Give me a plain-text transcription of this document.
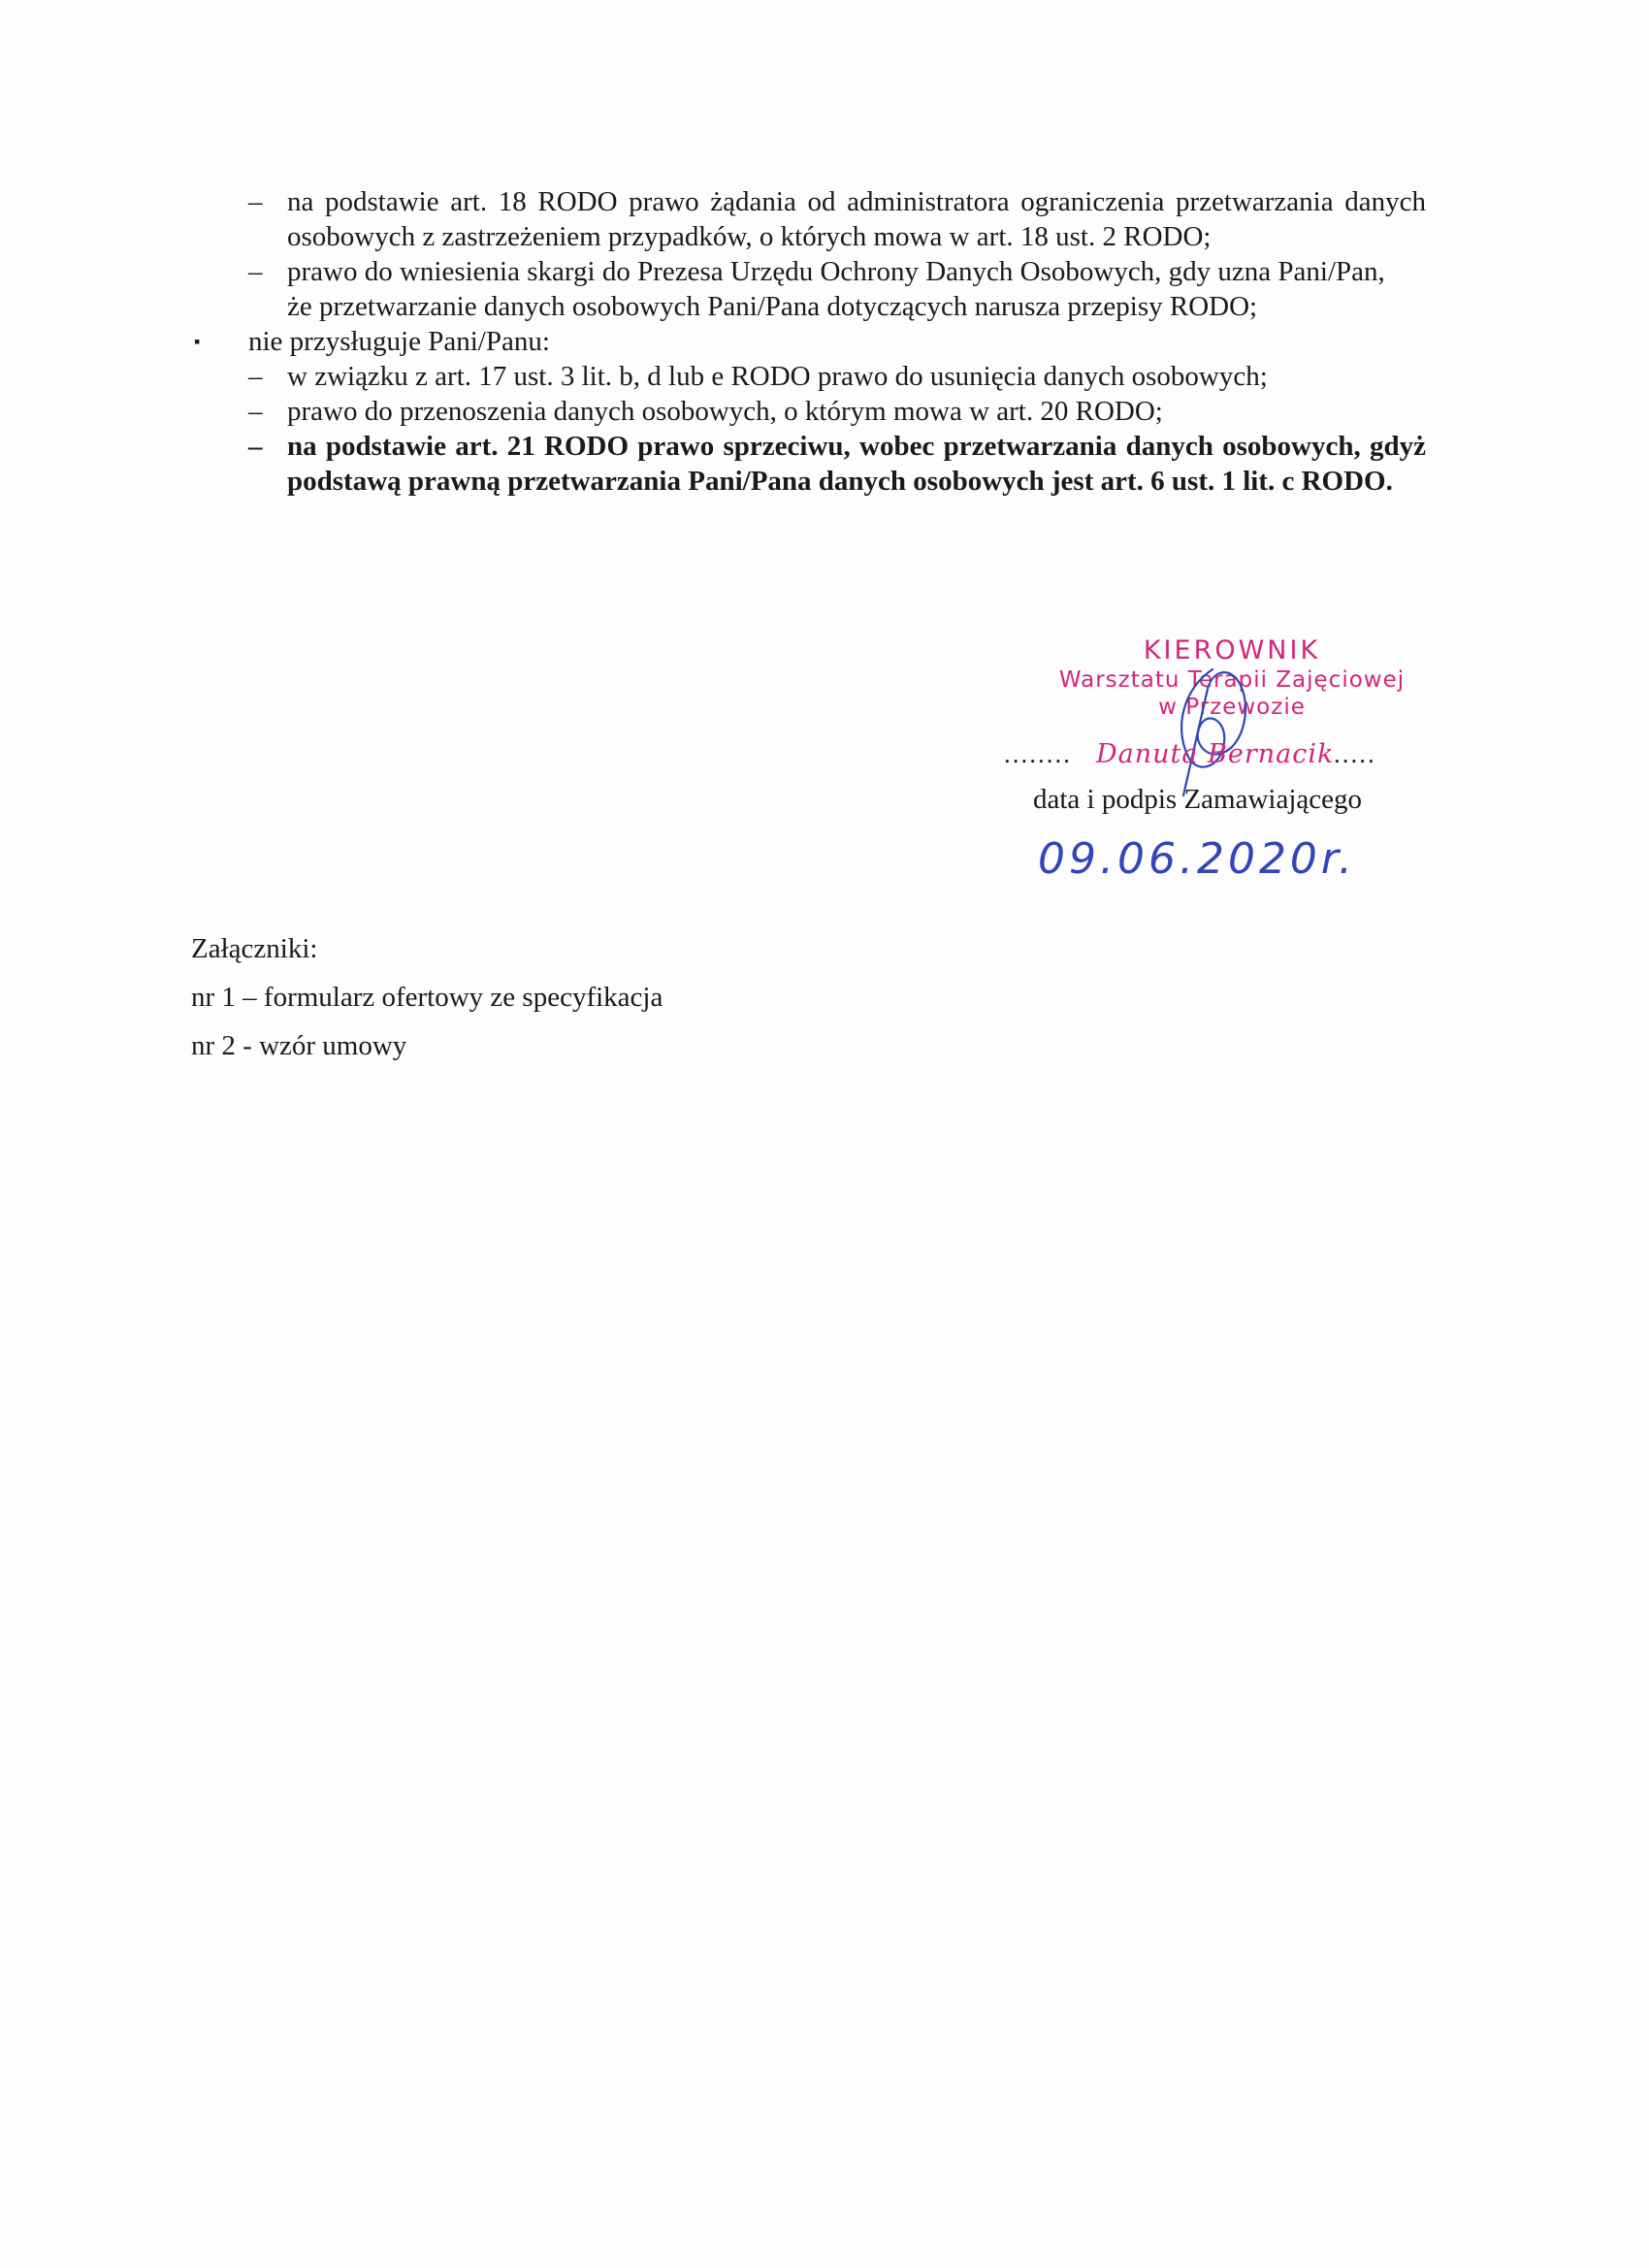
– na podstawie art. 18 RODO prawo żądania od administratora ograniczenia przetwarzania danych osobowych z zastrzeżeniem przypadków, o których mowa w art. 18 ust. 2 RODO;
– prawo do wniesienia skargi do Prezesa Urzędu Ochrony Danych Osobowych, gdy uzna Pani/Pan,
że przetwarzanie danych osobowych Pani/Pana dotyczących narusza przepisy RODO;
▪ nie przysługuje Pani/Panu:
– w związku z art. 17 ust. 3 lit. b, d lub e RODO prawo do usunięcia danych osobowych;
– prawo do przenoszenia danych osobowych, o którym mowa w art. 20 RODO;
– na podstawie art. 21 RODO prawo sprzeciwu, wobec przetwarzania danych osobowych, gdyż podstawą prawną przetwarzania Pani/Pana danych osobowych jest art. 6 ust. 1 lit. c RODO.
KIEROWNIK
Warsztatu Terapii Zajęciowej
w Przewozie
........	.....
Danuta Bernacik
data i podpis Zamawiającego
09.06.2020r.
Załączniki:
nr 1 – formularz ofertowy ze specyfikacja
nr 2 - wzór umowy
